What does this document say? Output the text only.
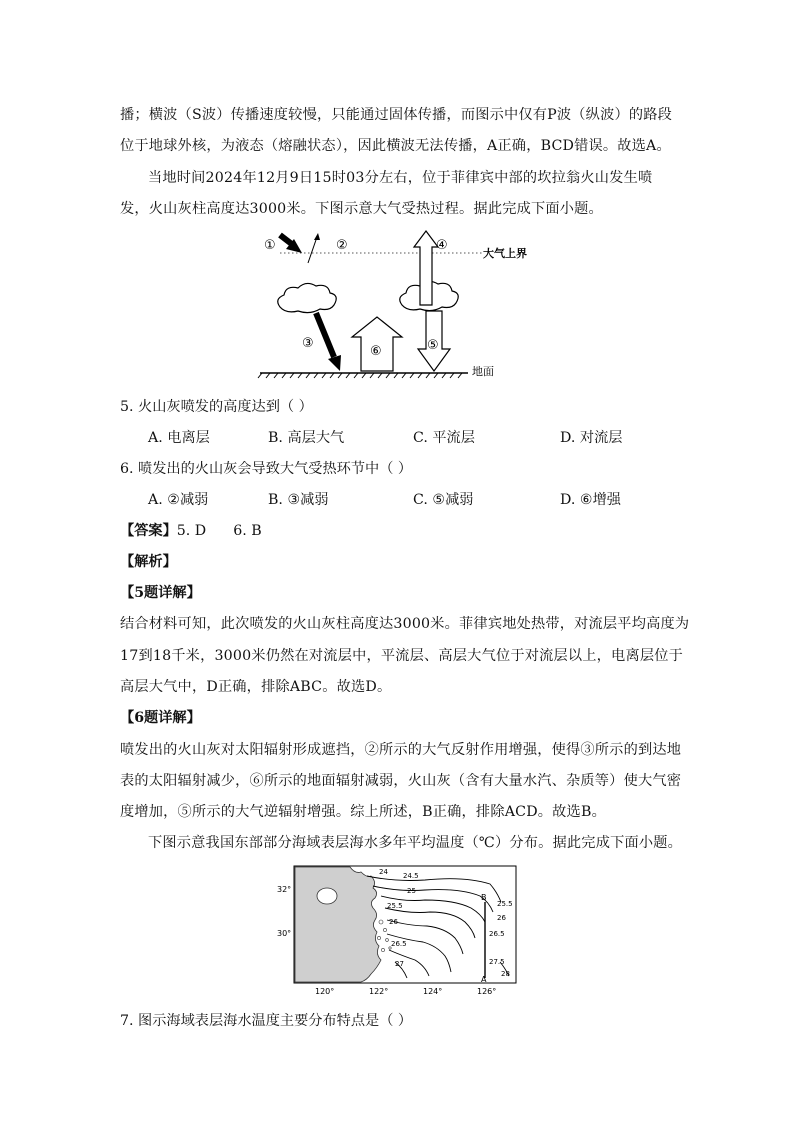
播；横波（S波）传播速度较慢，只能通过固体传播，而图示中仅有P波（纵波）的路段
位于地球外核，为液态（熔融状态），因此横波无法传播，A正确，BCD错误。故选A。
当地时间2024年12月9日15时03分左右，位于菲律宾中部的坎拉翁火山发生喷
发，火山灰柱高度达3000米。下图示意大气受热过程。据此完成下面小题。
①	②
③
④
⑤
⑥
大气上界
地面
5. 火山灰喷发的高度达到（ ）
A. 电离层	B. 高层大气	C. 平流层	D. 对流层
6. 喷发出的火山灰会导致大气受热环节中（ ）
A. ②减弱	B. ③减弱	C. ⑤减弱	D. ⑥增强
【答案】5. D      6. B
【解析】
【5题详解】
结合材料可知，此次喷发的火山灰柱高度达3000米。菲律宾地处热带，对流层平均高度为
17到18千米，3000米仍然在对流层中，平流层、高层大气位于对流层以上，电离层位于
高层大气中，D正确，排除ABC。故选D。
【6题详解】
喷发出的火山灰对太阳辐射形成遮挡，②所示的大气反射作用增强，使得③所示的到达地
表的太阳辐射减少，⑥所示的地面辐射减弱，火山灰（含有大量水汽、杂质等）使大气密
度增加，⑤所示的大气逆辐射增强。综上所述，B正确，排除ACD。故选B。
下图示意我国东部部分海域表层海水多年平均温度（℃）分布。据此完成下面小题。
32°
30°
120°	122°	124°	126°
24.5
25
24
25.5
26
26.5
27
25.5
26
26.5
27.5
28
B
A
7. 图示海域表层海水温度主要分布特点是（ ）
